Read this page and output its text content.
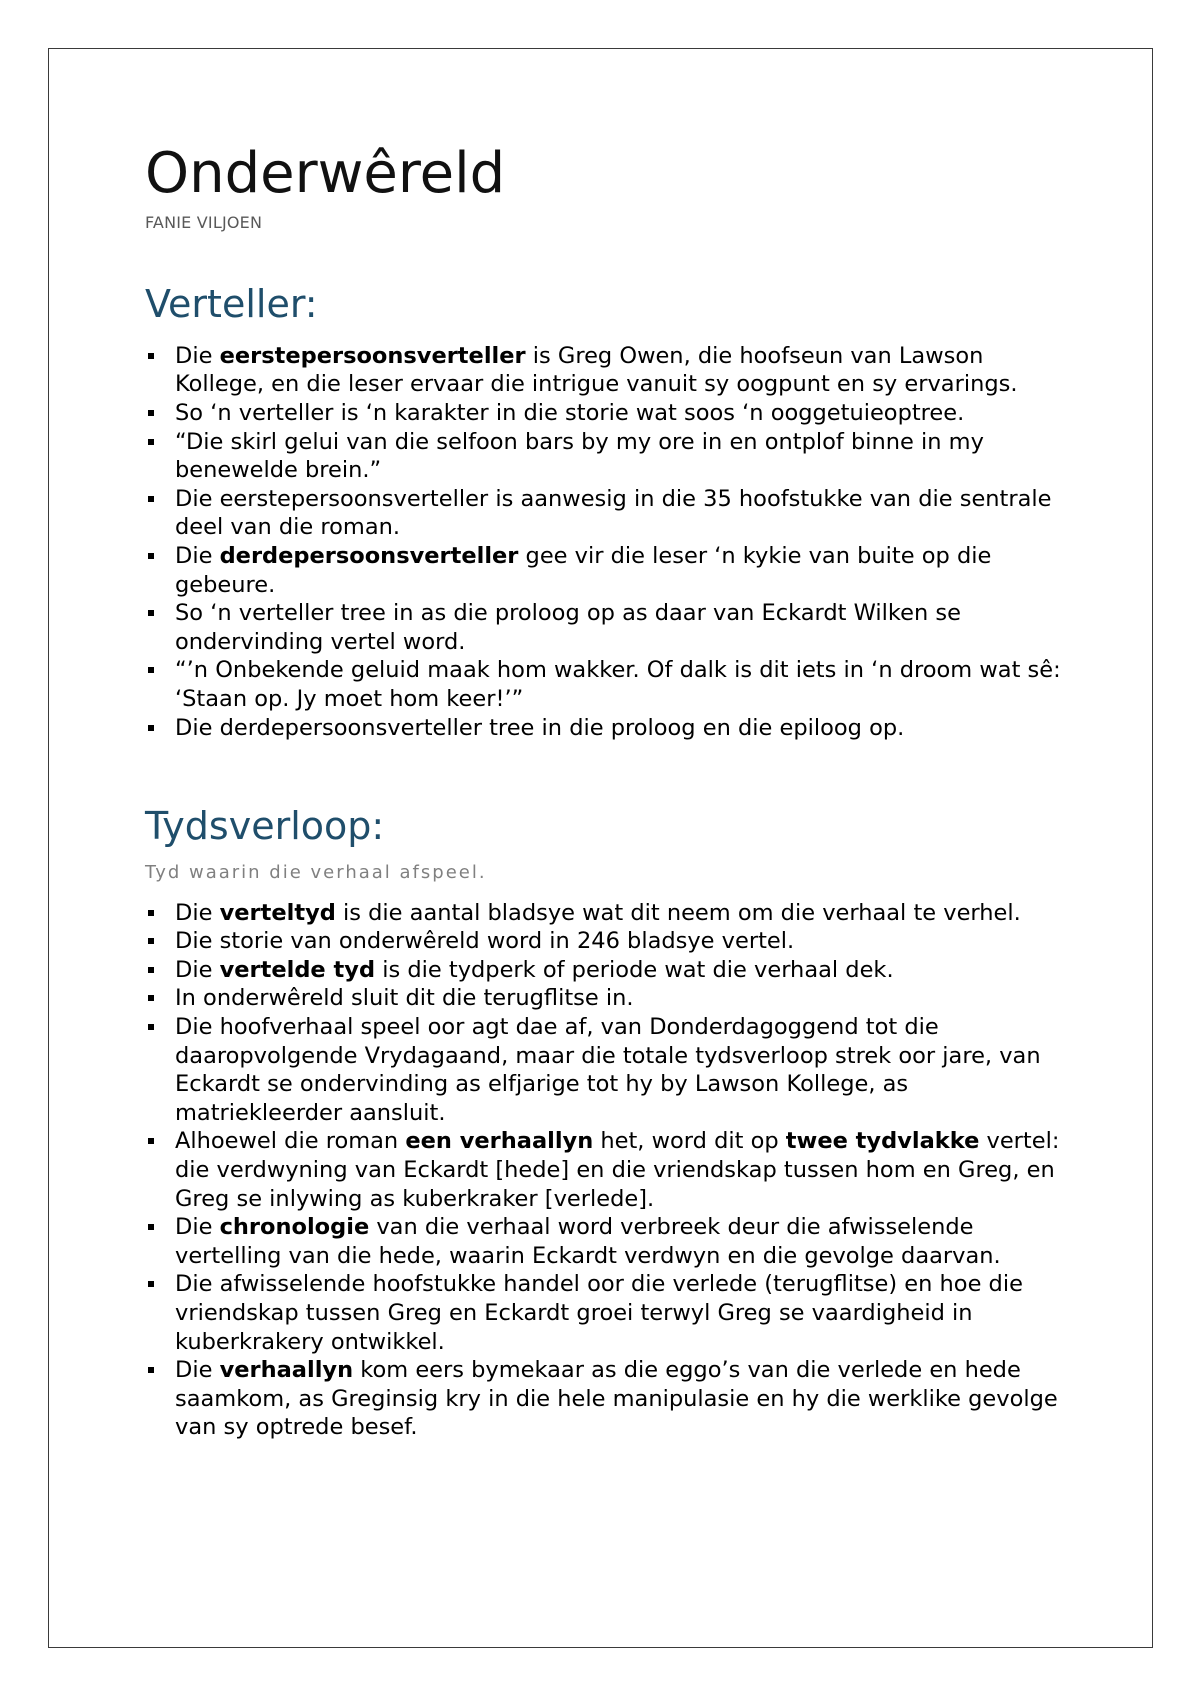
Onderwêreld
FANIE VILJOEN
Verteller:
Die eerstepersoonsverteller is Greg Owen, die hoofseun van Lawson Kollege, en die leser ervaar die intrigue vanuit sy oogpunt en sy ervarings.
So ‘n verteller is ‘n karakter in die storie wat soos ‘n ooggetuieoptree.
“Die skirl gelui van die selfoon bars by my ore in en ontplof binne in my benewelde brein.”
Die eerstepersoonsverteller is aanwesig in die 35 hoofstukke van die sentrale deel van die roman.
Die derdepersoonsverteller gee vir die leser ‘n kykie van buite op die gebeure.
So ‘n verteller tree in as die proloog op as daar van Eckardt Wilken se ondervinding vertel word.
“’n Onbekende geluid maak hom wakker. Of dalk is dit iets in ‘n droom wat sê: ‘Staan op. Jy moet hom keer!’”
Die derdepersoonsverteller tree in die proloog en die epiloog op.
Tydsverloop:
Tyd waarin die verhaal afspeel.
Die verteltyd is die aantal bladsye wat dit neem om die verhaal te verhel.
Die storie van onderwêreld word in 246 bladsye vertel.
Die vertelde tyd is die tydperk of periode wat die verhaal dek.
In onderwêreld sluit dit die terugflitse in.
Die hoofverhaal speel oor agt dae af, van Donderdagoggend tot die daaropvolgende Vrydagaand, maar die totale tydsverloop strek oor jare, van Eckardt se ondervinding as elfjarige tot hy by Lawson Kollege, as matriekleerder aansluit.
Alhoewel die roman een verhaallyn het, word dit op twee tydvlakke vertel: die verdwyning van Eckardt [hede] en die vriendskap tussen hom en Greg, en Greg se inlywing as kuberkraker [verlede].
Die chronologie van die verhaal word verbreek deur die afwisselende vertelling van die hede, waarin Eckardt verdwyn en die gevolge daarvan.
Die afwisselende hoofstukke handel oor die verlede (terugflitse) en hoe die vriendskap tussen Greg en Eckardt groei terwyl Greg se vaardigheid in kuberkrakery ontwikkel.
Die verhaallyn kom eers bymekaar as die eggo’s van die verlede en hede saamkom, as Greginsig kry in die hele manipulasie en hy die werklike gevolge van sy optrede besef.
